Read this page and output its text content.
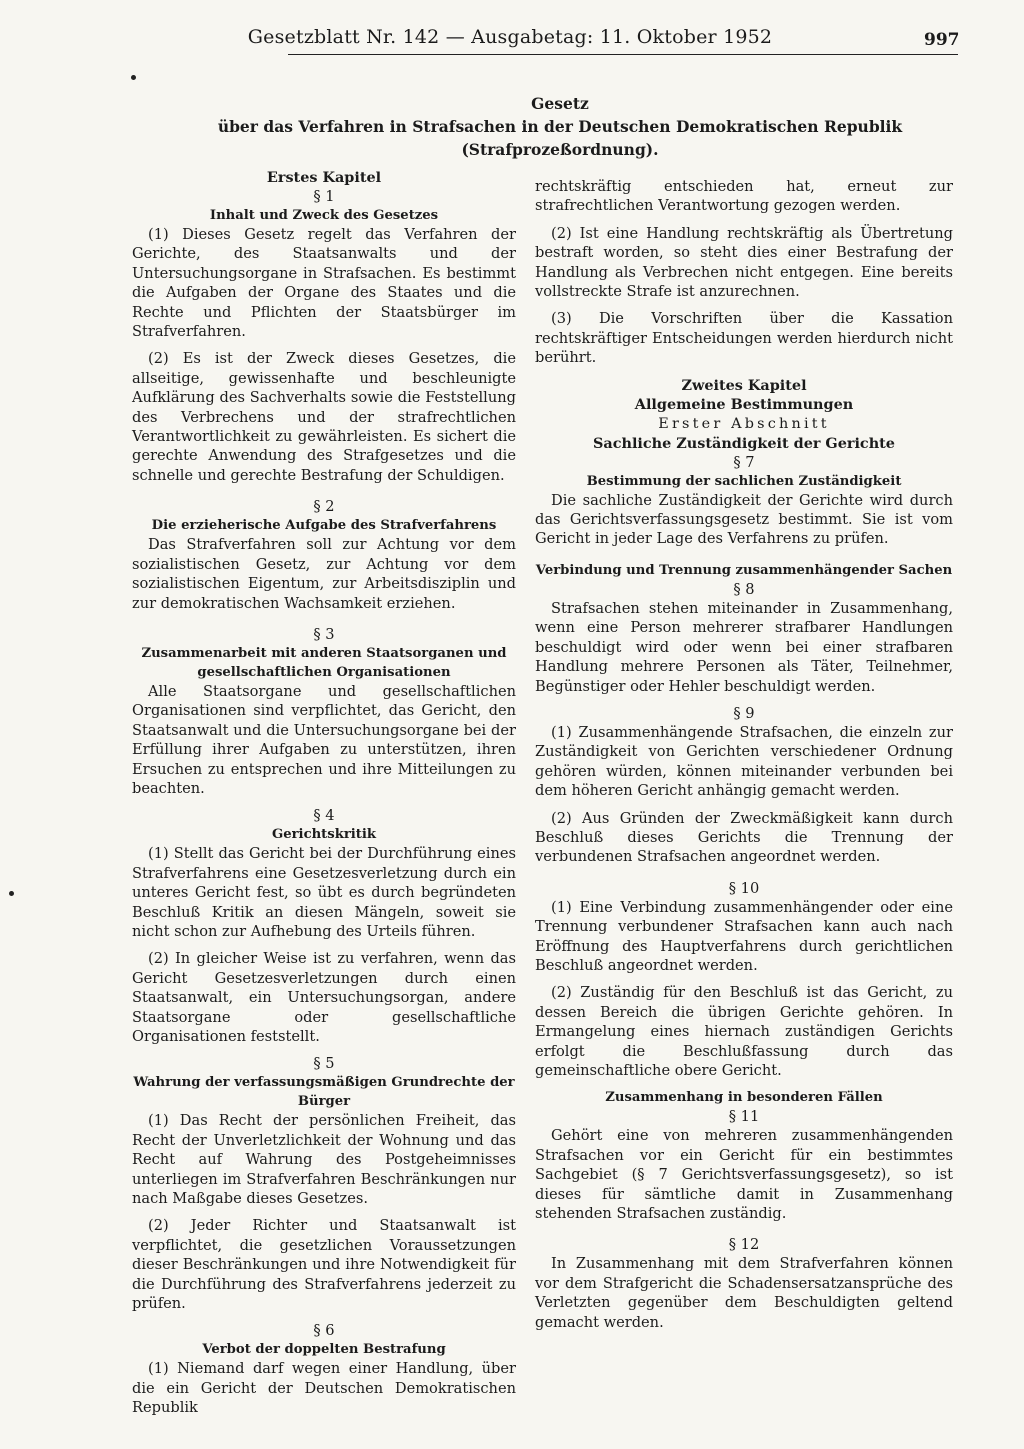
Gesetzblatt Nr. 142 — Ausgabetag: 11. Oktober 1952	997
Gesetz
über das Verfahren in Strafsachen in der Deutschen Demokratischen Republik
(Strafprozeßordnung).
Erstes Kapitel
§ 1
Inhalt und Zweck des Gesetzes

(1) Dieses Gesetz regelt das Verfahren der Gerichte, des Staatsanwalts und der Untersuchungsorgane in Strafsachen. Es bestimmt die Aufgaben der Organe des Staates und die Rechte und Pflichten der Staatsbürger im Strafverfahren.

(2) Es ist der Zweck dieses Gesetzes, die allseitige, gewissenhafte und beschleunigte Aufklärung des Sachverhalts sowie die Feststellung des Verbrechens und der strafrechtlichen Verantwortlichkeit zu gewährleisten. Es sichert die gerechte Anwendung des Strafgesetzes und die schnelle und gerechte Bestrafung der Schuldigen.

§ 2
Die erzieherische Aufgabe des Strafverfahrens

Das Strafverfahren soll zur Achtung vor dem sozialistischen Gesetz, zur Achtung vor dem sozialistischen Eigentum, zur Arbeitsdisziplin und zur demokratischen Wachsamkeit erziehen.

§ 3
Zusammenarbeit mit anderen Staatsorganen und gesellschaftlichen Organisationen

Alle Staatsorgane und gesellschaftlichen Organisationen sind verpflichtet, das Gericht, den Staatsanwalt und die Untersuchungsorgane bei der Erfüllung ihrer Aufgaben zu unterstützen, ihren Ersuchen zu entsprechen und ihre Mitteilungen zu beachten.

§ 4
Gerichtskritik

(1) Stellt das Gericht bei der Durchführung eines Strafverfahrens eine Gesetzesverletzung durch ein unteres Gericht fest, so übt es durch begründeten Beschluß Kritik an diesen Mängeln, soweit sie nicht schon zur Aufhebung des Urteils führen.

(2) In gleicher Weise ist zu verfahren, wenn das Gericht Gesetzesverletzungen durch einen Staatsanwalt, ein Untersuchungsorgan, andere Staatsorgane oder gesellschaftliche Organisationen feststellt.

§ 5
Wahrung der verfassungsmäßigen Grundrechte der Bürger

(1) Das Recht der persönlichen Freiheit, das Recht der Unverletzlichkeit der Wohnung und das Recht auf Wahrung des Postgeheimnisses unterliegen im Strafverfahren Beschränkungen nur nach Maßgabe dieses Gesetzes.

(2) Jeder Richter und Staatsanwalt ist verpflichtet, die gesetzlichen Voraussetzungen dieser Beschränkungen und ihre Notwendigkeit für die Durchführung des Strafverfahrens jederzeit zu prüfen.

§ 6
Verbot der doppelten Bestrafung

(1) Niemand darf wegen einer Handlung, über die ein Gericht der Deutschen Demokratischen Republik

rechtskräftig entschieden hat, erneut zur strafrechtlichen Verantwortung gezogen werden.

(2) Ist eine Handlung rechtskräftig als Übertretung bestraft worden, so steht dies einer Bestrafung der Handlung als Verbrechen nicht entgegen. Eine bereits vollstreckte Strafe ist anzurechnen.

(3) Die Vorschriften über die Kassation rechtskräftiger Entscheidungen werden hierdurch nicht berührt.

Zweites Kapitel
Allgemeine Bestimmungen
Erster Abschnitt
Sachliche Zuständigkeit der Gerichte
§ 7
Bestimmung der sachlichen Zuständigkeit

Die sachliche Zuständigkeit der Gerichte wird durch das Gerichtsverfassungsgesetz bestimmt. Sie ist vom Gericht in jeder Lage des Verfahrens zu prüfen.

Verbindung und Trennung zusammenhängender Sachen
§ 8

Strafsachen stehen miteinander in Zusammenhang, wenn eine Person mehrerer strafbarer Handlungen beschuldigt wird oder wenn bei einer strafbaren Handlung mehrere Personen als Täter, Teilnehmer, Begünstiger oder Hehler beschuldigt werden.

§ 9

(1) Zusammenhängende Strafsachen, die einzeln zur Zuständigkeit von Gerichten verschiedener Ordnung gehören würden, können miteinander verbunden bei dem höheren Gericht anhängig gemacht werden.

(2) Aus Gründen der Zweckmäßigkeit kann durch Beschluß dieses Gerichts die Trennung der verbundenen Strafsachen angeordnet werden.

§ 10

(1) Eine Verbindung zusammenhängender oder eine Trennung verbundener Strafsachen kann auch nach Eröffnung des Hauptverfahrens durch gerichtlichen Beschluß angeordnet werden.

(2) Zuständig für den Beschluß ist das Gericht, zu dessen Bereich die übrigen Gerichte gehören. In Ermangelung eines hiernach zuständigen Gerichts erfolgt die Beschlußfassung durch das gemeinschaftliche obere Gericht.

Zusammenhang in besonderen Fällen
§ 11

Gehört eine von mehreren zusammenhängenden Strafsachen vor ein Gericht für ein bestimmtes Sachgebiet (§ 7 Gerichtsverfassungsgesetz), so ist dieses für sämtliche damit in Zusammenhang stehenden Strafsachen zuständig.

§ 12

In Zusammenhang mit dem Strafverfahren können vor dem Strafgericht die Schadensersatzansprüche des Verletzten gegenüber dem Beschuldigten geltend gemacht werden.
